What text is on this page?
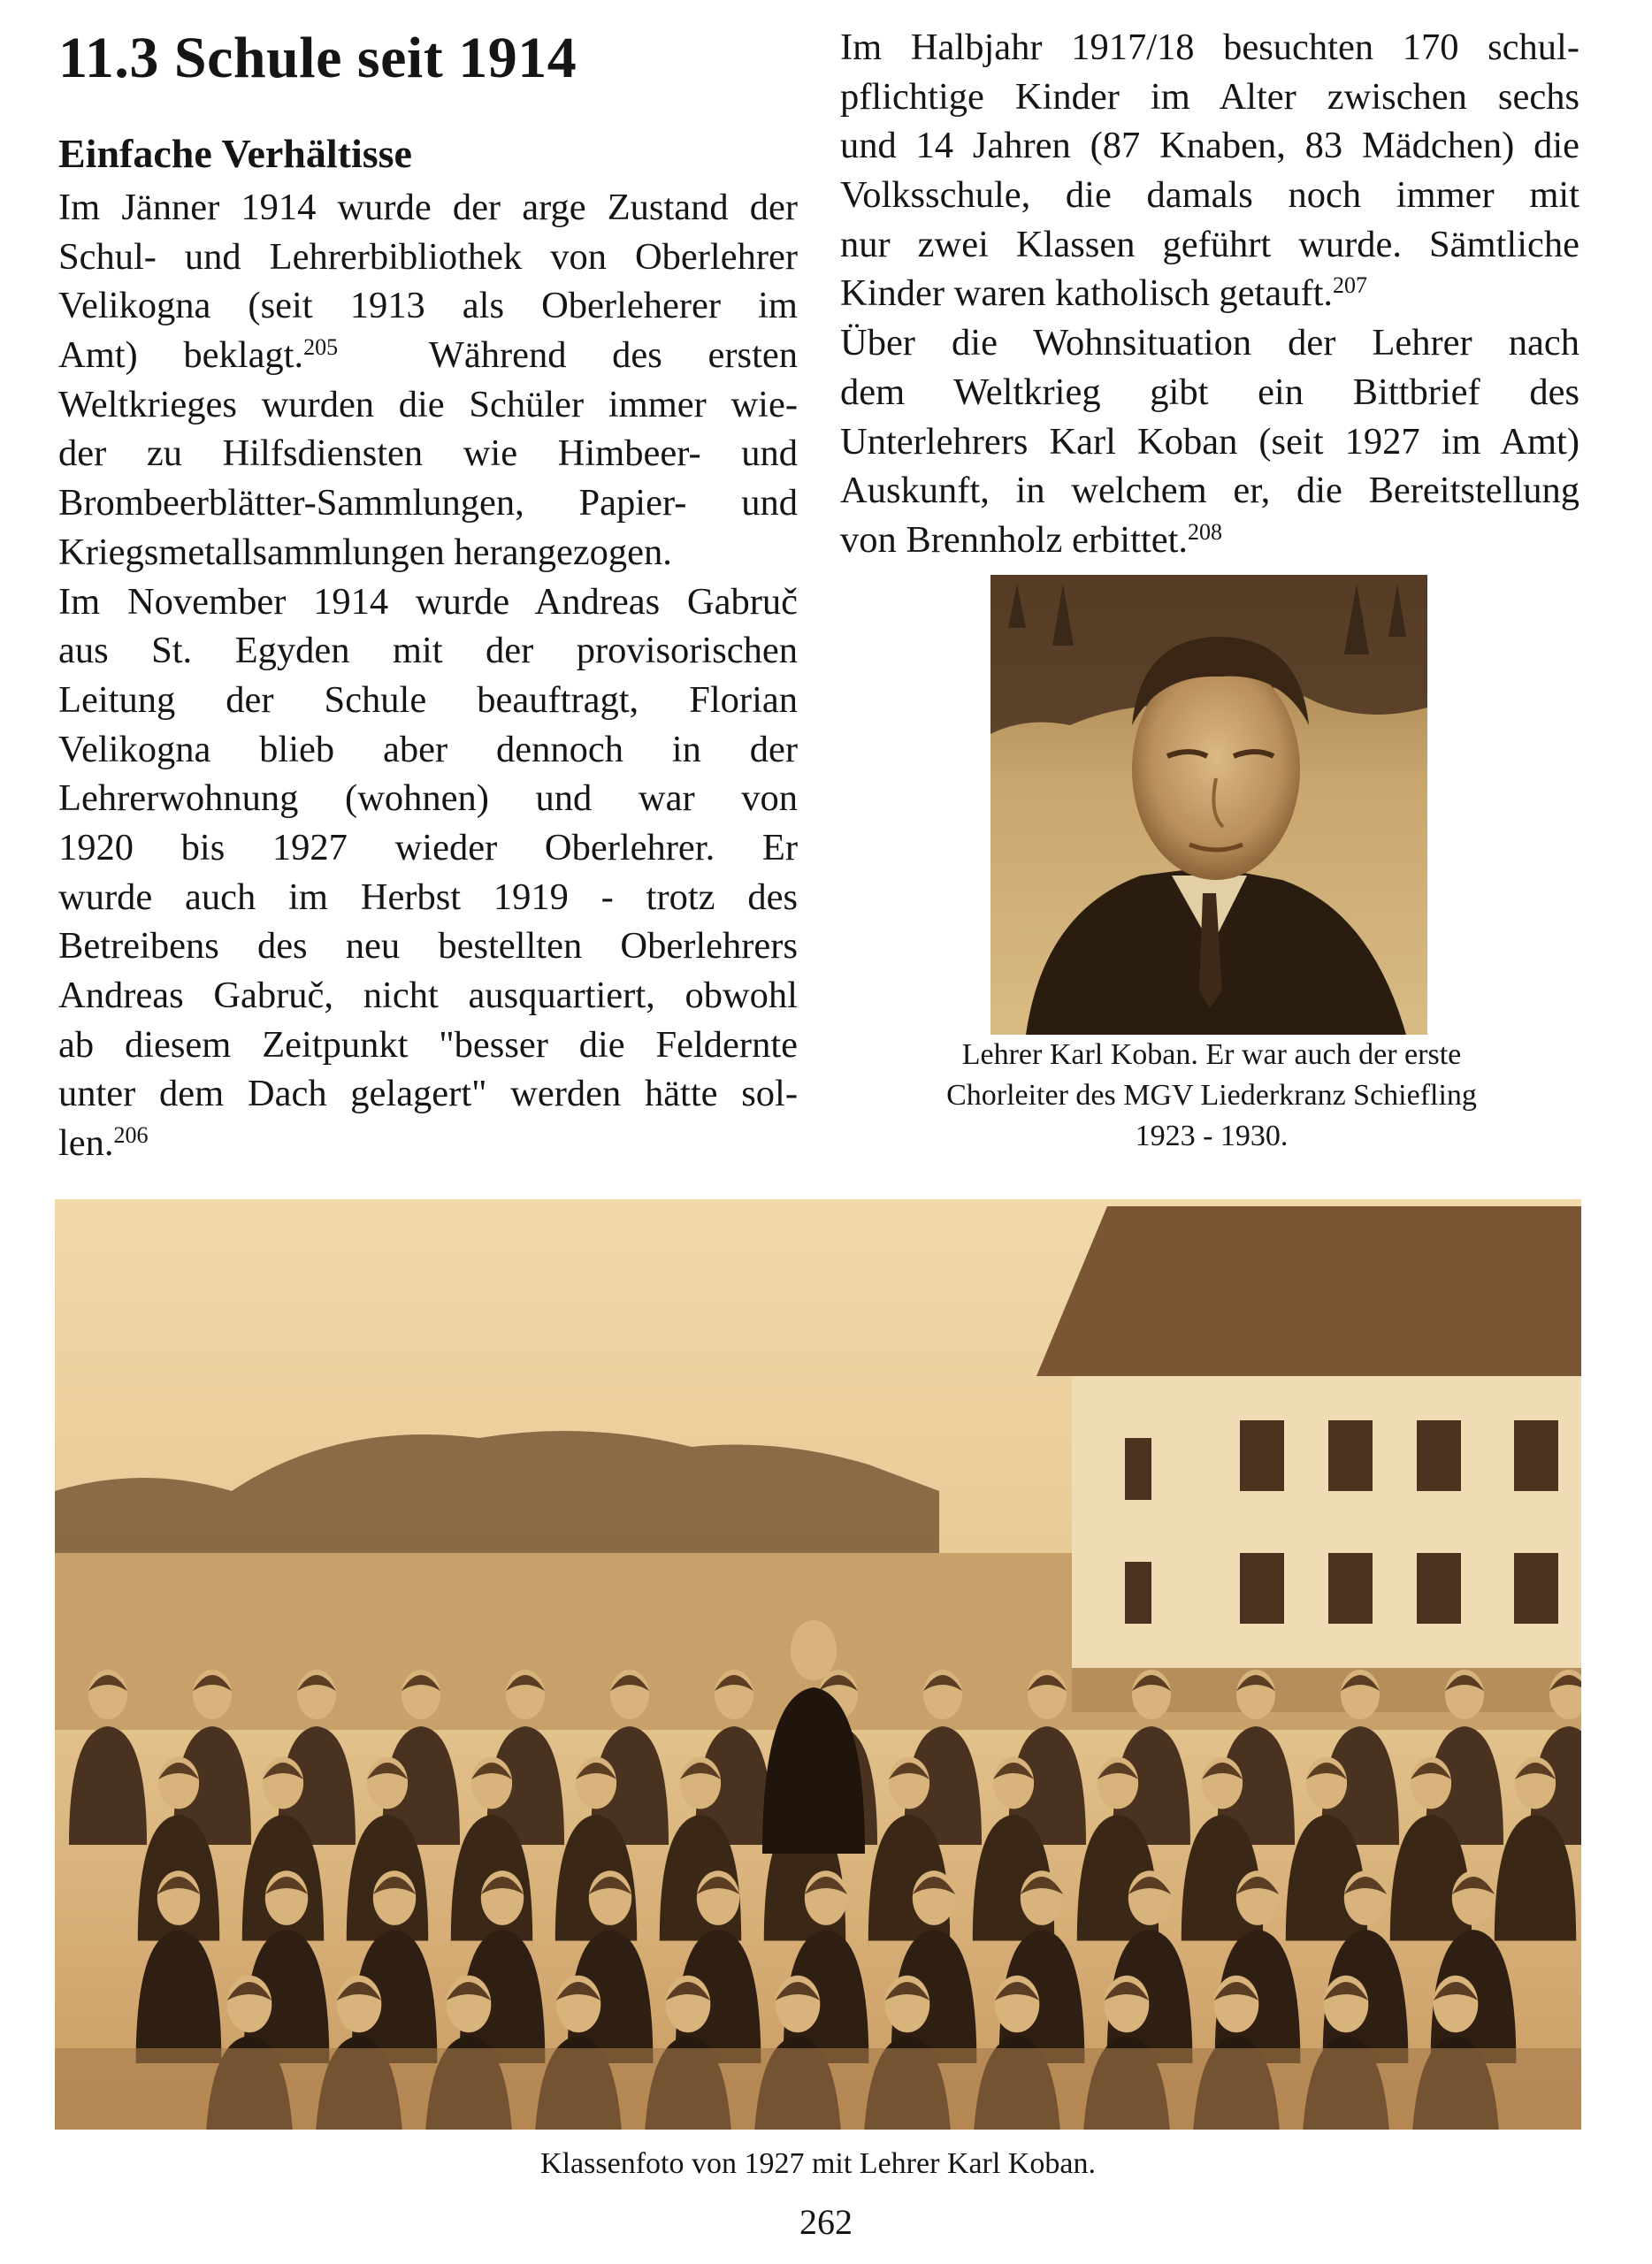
11.3 Schule seit 1914
Einfache Verhältisse
Im Jänner 1914 wurde der arge Zustand der
Schul- und Lehrerbibliothek von Oberlehrer
Velikogna (seit 1913 als Oberleherer im
Amt) beklagt.$^{205}$  Während des ersten
Weltkrieges wurden die Schüler immer wie-
der zu Hilfsdiensten wie Himbeer- und
Brombeerblätter-Sammlungen, Papier- und
Kriegsmetallsammlungen herangezogen.
Im November 1914 wurde Andreas Gabruč
aus St. Egyden mit der provisorischen
Leitung der Schule beauftragt, Florian
Velikogna blieb aber dennoch in der
Lehrerwohnung (wohnen) und war von
1920 bis 1927 wieder Oberlehrer. Er
wurde auch im Herbst 1919 - trotz des
Betreibens des neu bestellten Oberlehrers
Andreas Gabruč, nicht ausquartiert, obwohl
ab diesem Zeitpunkt "besser die Feldernte
unter dem Dach gelagert" werden hätte sol-
len.$^{206}$
Im Halbjahr 1917/18 besuchten 170 schul-
pflichtige Kinder im Alter zwischen sechs
und 14 Jahren (87 Knaben, 83 Mädchen) die
Volksschule, die damals noch immer mit
nur zwei Klassen geführt wurde. Sämtliche
Kinder waren katholisch getauft.$^{207}$
Über die Wohnsituation der Lehrer nach
dem Weltkrieg gibt ein Bittbrief des
Unterlehrers Karl Koban (seit 1927 im Amt)
Auskunft, in welchem er, die Bereitstellung
von Brennholz erbittet.$^{208}$
Lehrer Karl Koban. Er war auch der erste
Chorleiter des MGV Liederkranz Schiefling
1923 - 1930.
Klassenfoto von 1927 mit Lehrer Karl Koban.
262
